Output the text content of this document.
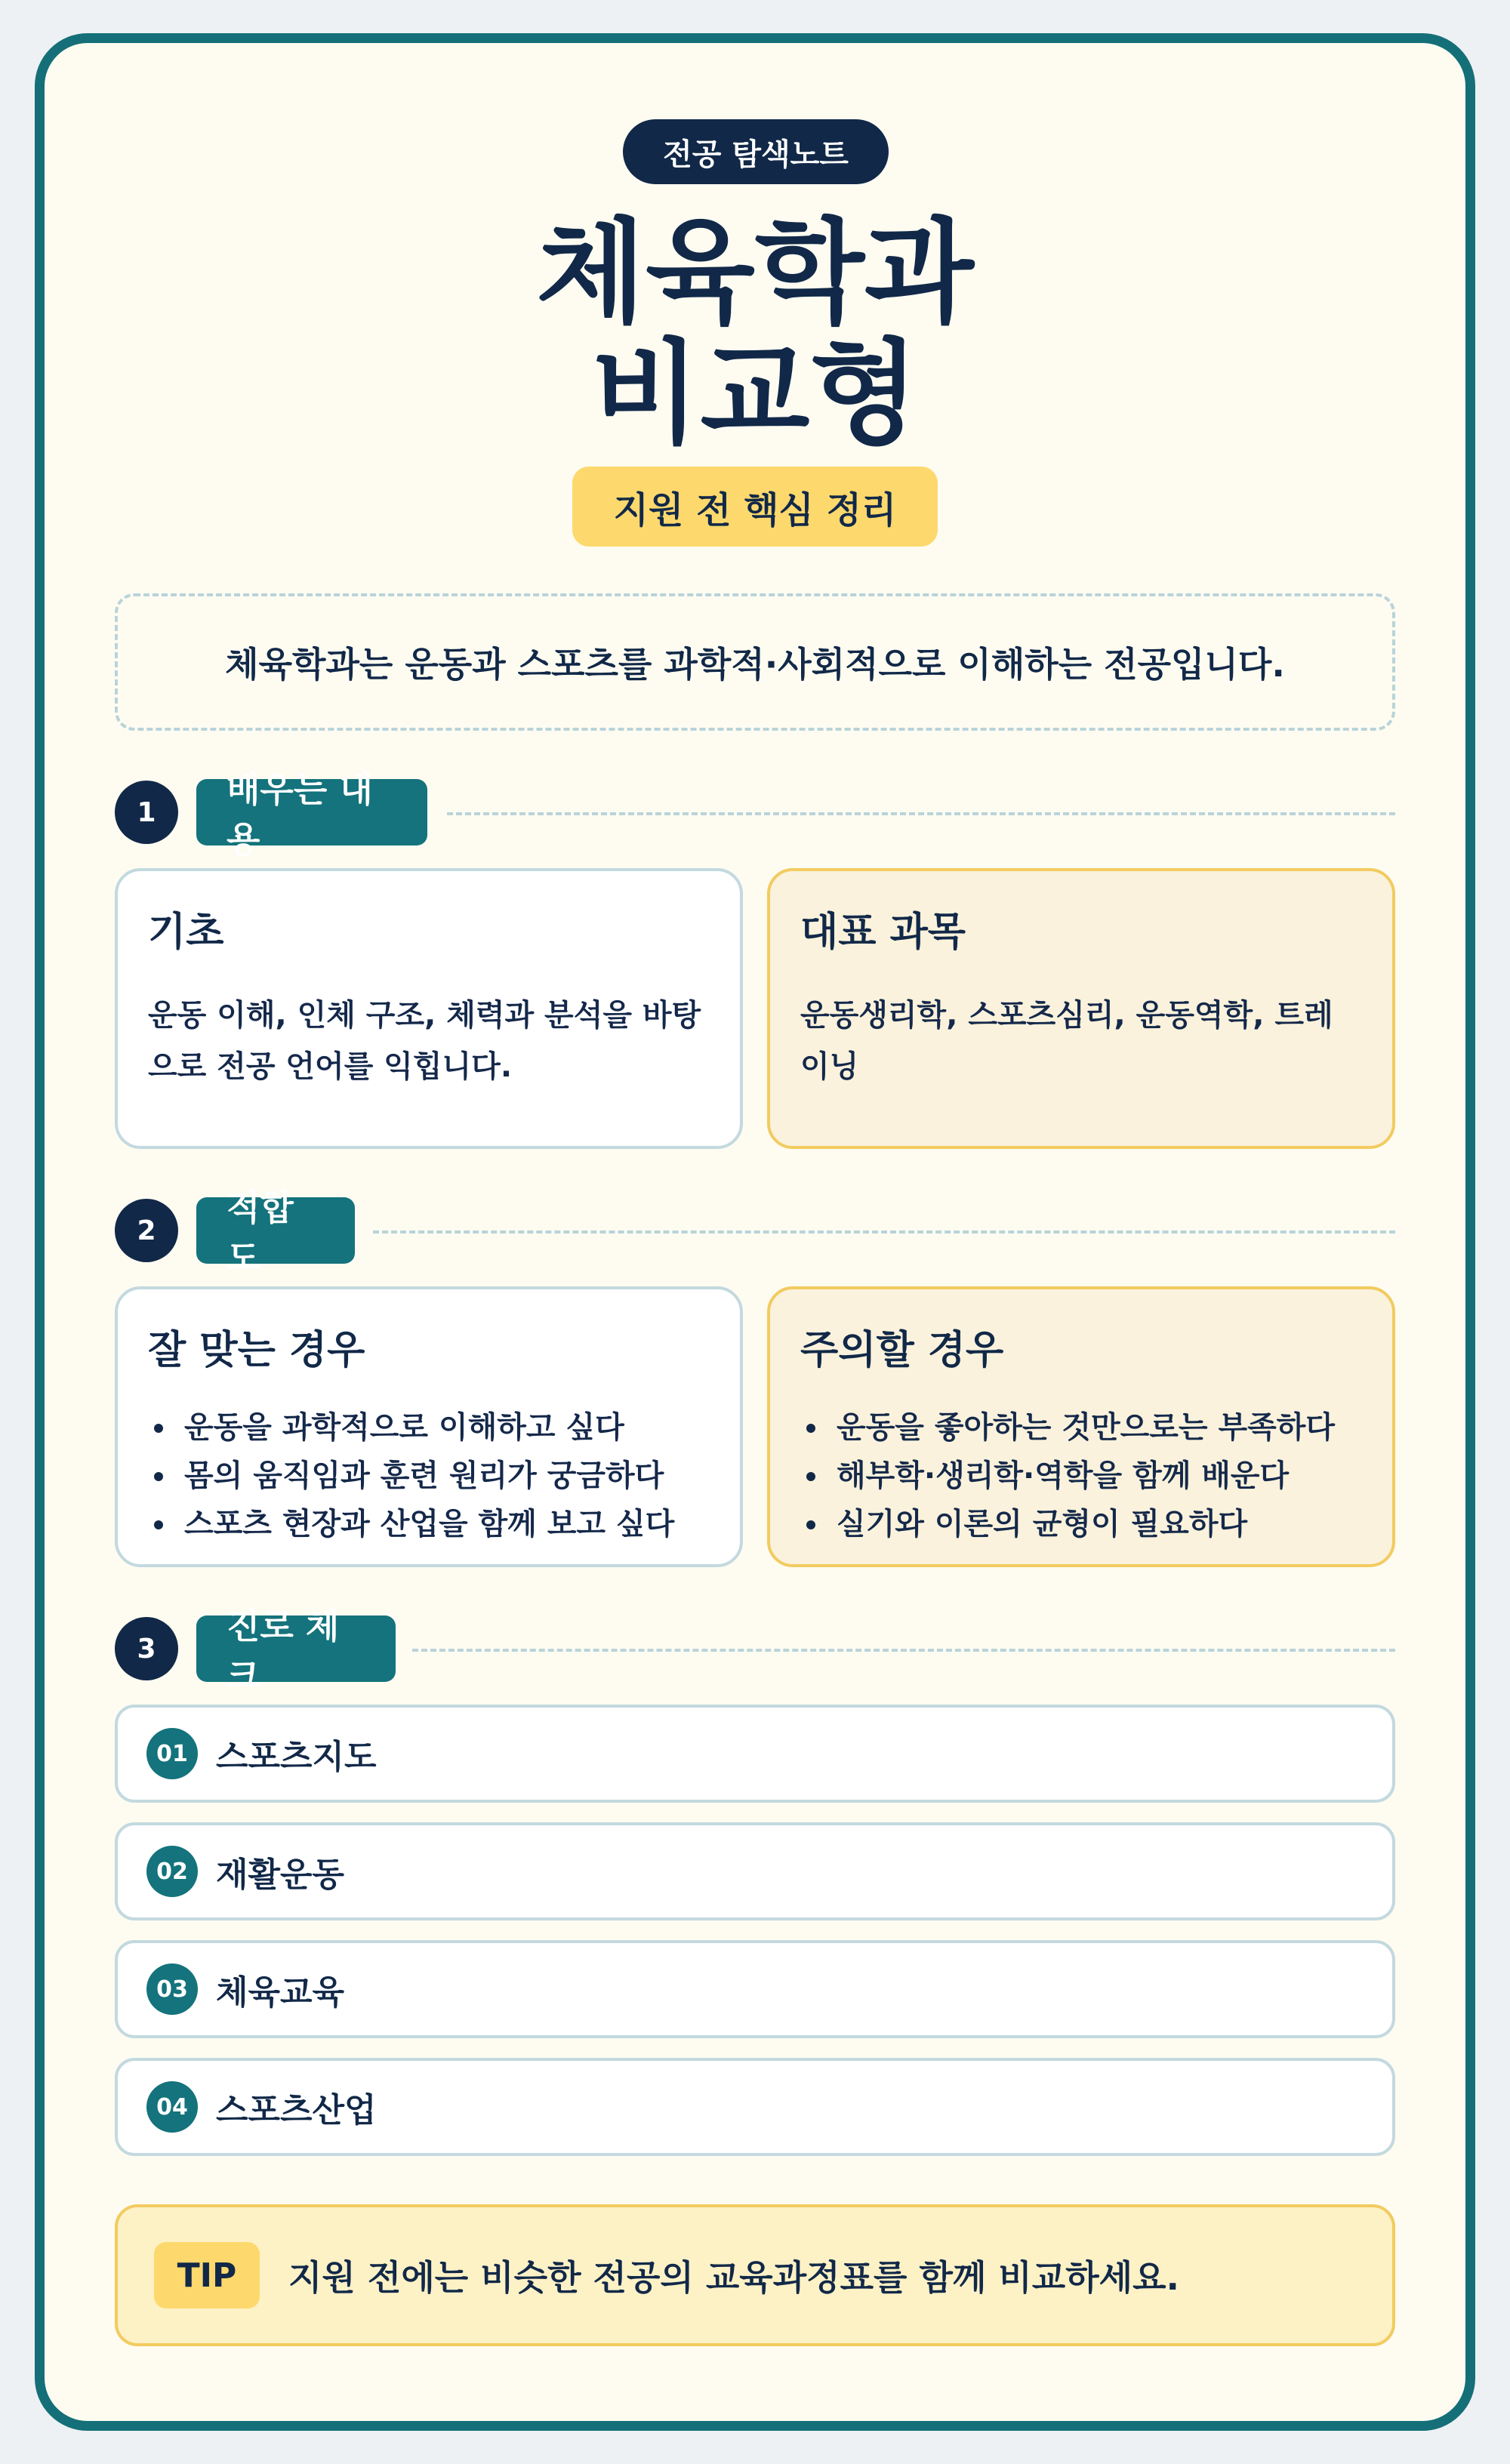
전공 탐색노트
체육학과
비교형
지원 전 핵심 정리
체육학과는 운동과 스포츠를 과학적·사회적으로 이해하는 전공입니다.
1
배우는 내용
기초

운동 이해, 인체 구조, 체력과 분석을 바탕으로 전공 언어를 익힙니다.

대표 과목

운동생리학, 스포츠심리, 운동역학, 트레이닝

2
적합도
잘 맞는 경우
운동을 과학적으로 이해하고 싶다
몸의 움직임과 훈련 원리가 궁금하다
스포츠 현장과 산업을 함께 보고 싶다
주의할 경우
운동을 좋아하는 것만으로는 부족하다
해부학·생리학·역학을 함께 배운다
실기와 이론의 균형이 필요하다
3
진로 체크
01 스포츠지도
02 재활운동
03 체육교육
04 스포츠산업
TIP	지원 전에는 비슷한 전공의 교육과정표를 함께 비교하세요.
